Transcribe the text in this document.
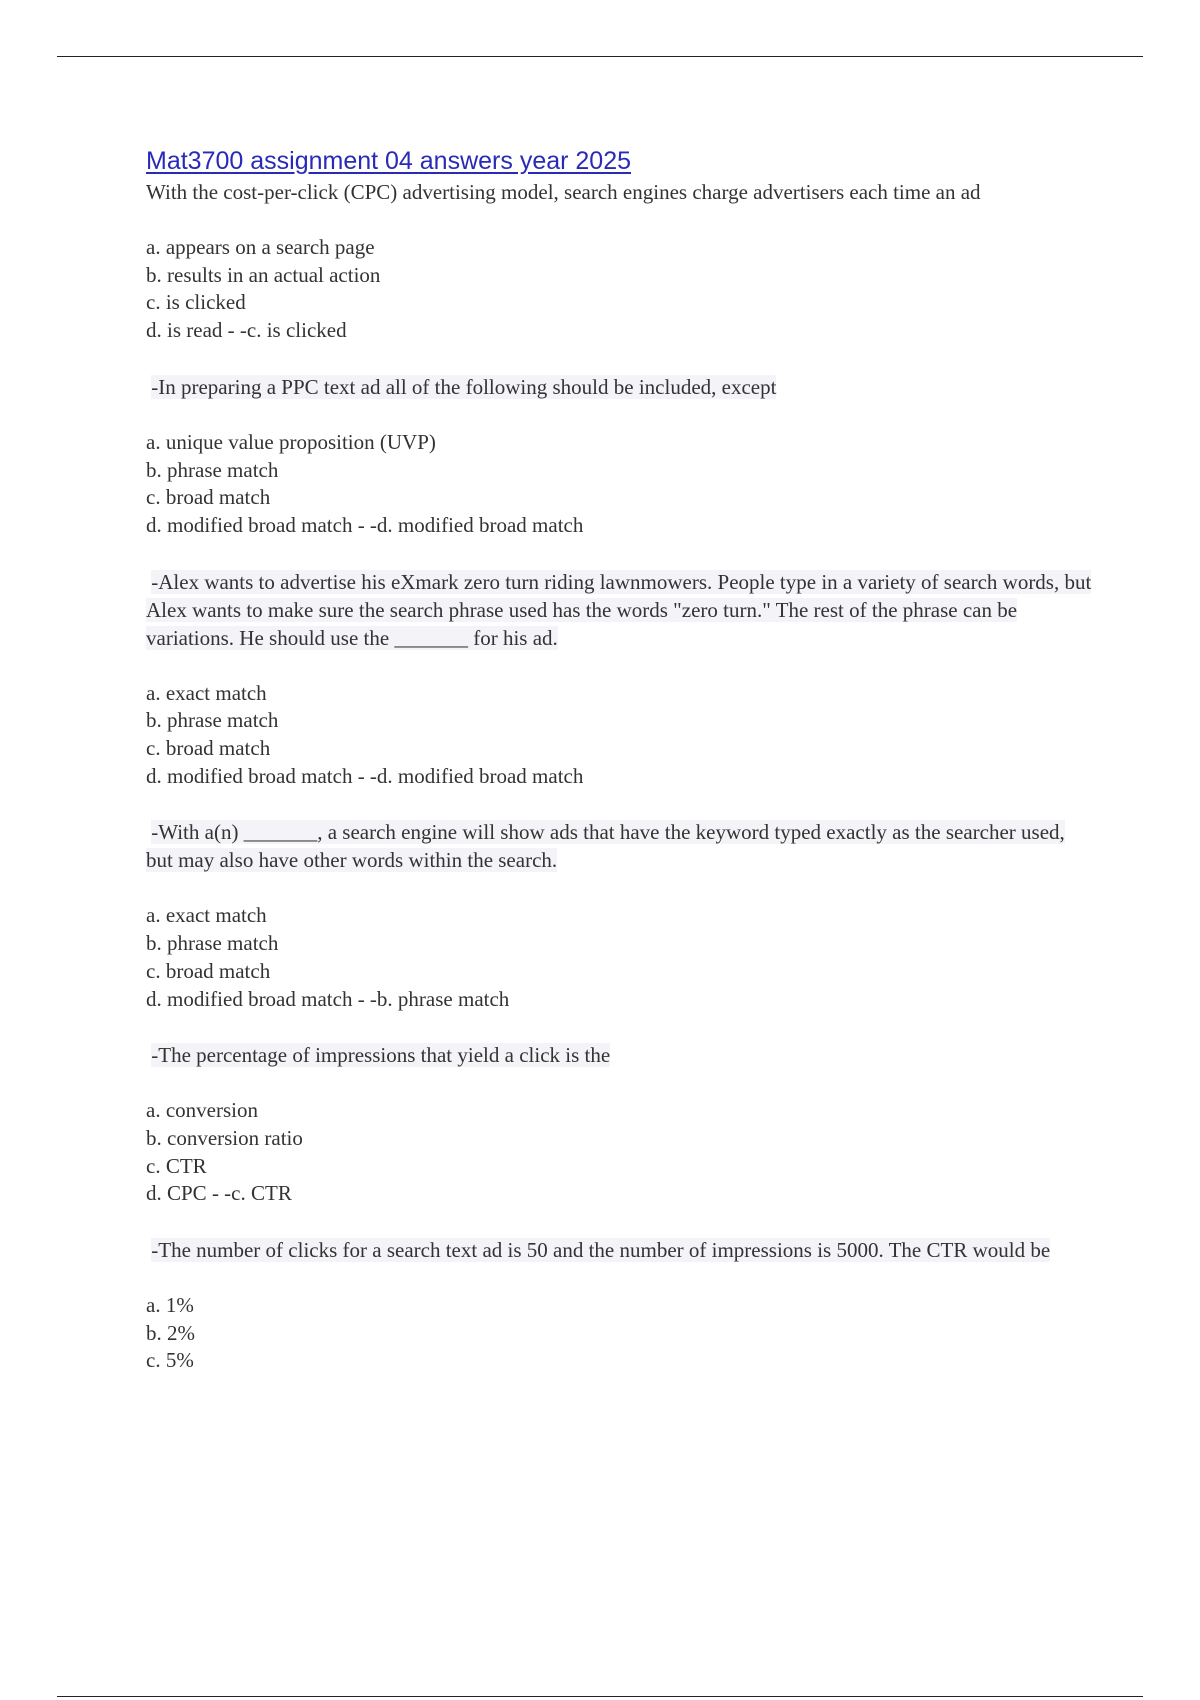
Mat3700 assignment 04 answers year 2025

With the cost-per-click (CPC) advertising model, search engines charge advertisers each time an ad

a. appears on a search page
b. results in an actual action
c. is clicked
d. is read - -c. is clicked

-In preparing a PPC text ad all of the following should be included, except

a. unique value proposition (UVP)
b. phrase match
c. broad match
d. modified broad match - -d. modified broad match

-Alex wants to advertise his eXmark zero turn riding lawnmowers. People type in a variety of search words, but Alex wants to make sure the search phrase used has the words "zero turn." The rest of the phrase can be variations. He should use the _______ for his ad.

a. exact match
b. phrase match
c. broad match
d. modified broad match - -d. modified broad match

-With a(n) _______, a search engine will show ads that have the keyword typed exactly as the searcher used, but may also have other words within the search.

a. exact match
b. phrase match
c. broad match
d. modified broad match - -b. phrase match

-The percentage of impressions that yield a click is the

a. conversion
b. conversion ratio
c. CTR
d. CPC - -c. CTR

-The number of clicks for a search text ad is 50 and the number of impressions is 5000. The CTR would be

a. 1%
b. 2%
c. 5%
